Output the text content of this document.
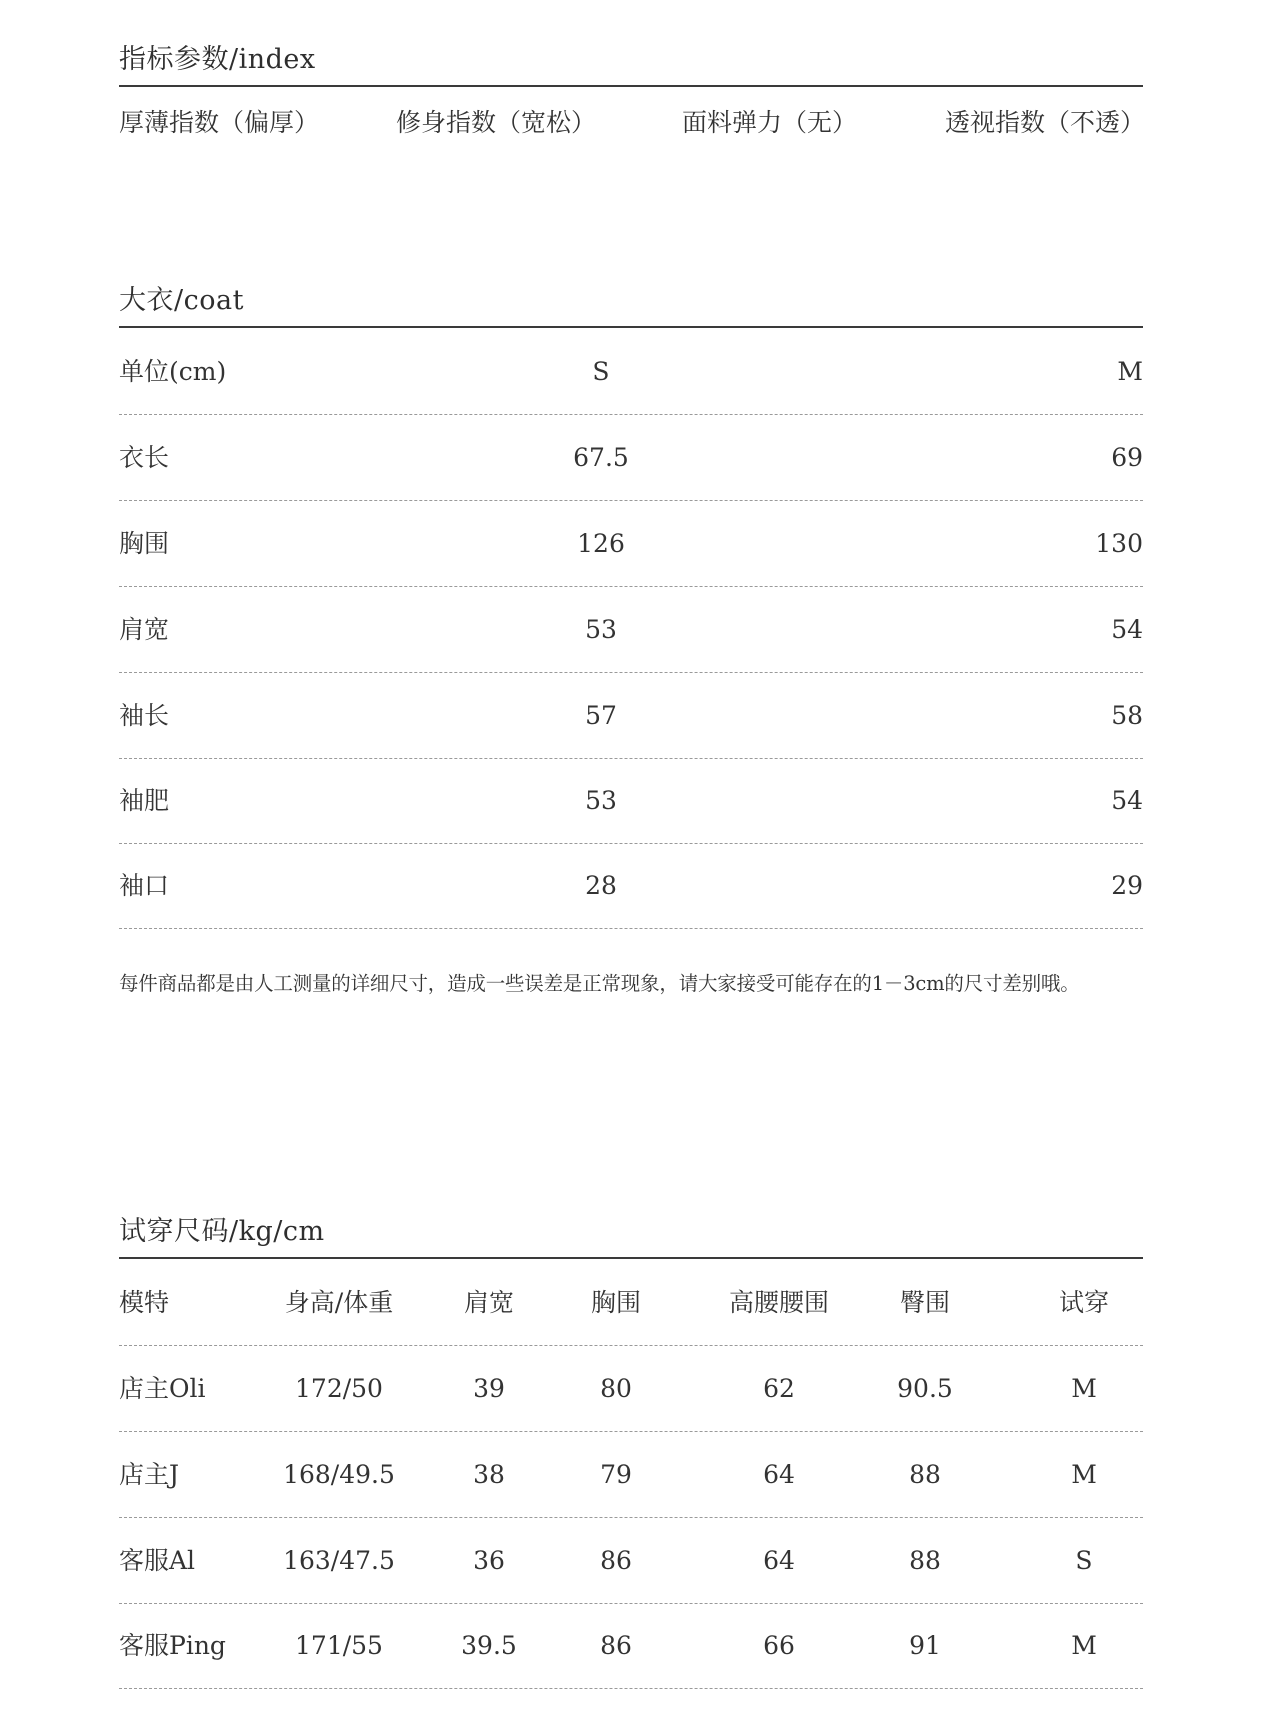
指标参数/index
厚薄指数（偏厚）	修身指数（宽松）	面料弹力（无）	透视指数（不透）
大衣/coat
单位(cm)	S	M
衣长	67.5	69
胸围	126	130
肩宽	53	54
袖长	57	58
袖肥	53	54
袖口	28	29
每件商品都是由人工测量的详细尺寸，造成一些误差是正常现象，请大家接受可能存在的1－3cm的尺寸差别哦。
试穿尺码/kg/cm
模特	身高/体重	肩宽	胸围	高腰腰围	臀围	试穿
店主Oli	172/50	39	80	62	90.5	M
店主J	168/49.5	38	79	64	88	M
客服Al	163/47.5	36	86	64	88	S
客服Ping	171/55	39.5	86	66	91	M
